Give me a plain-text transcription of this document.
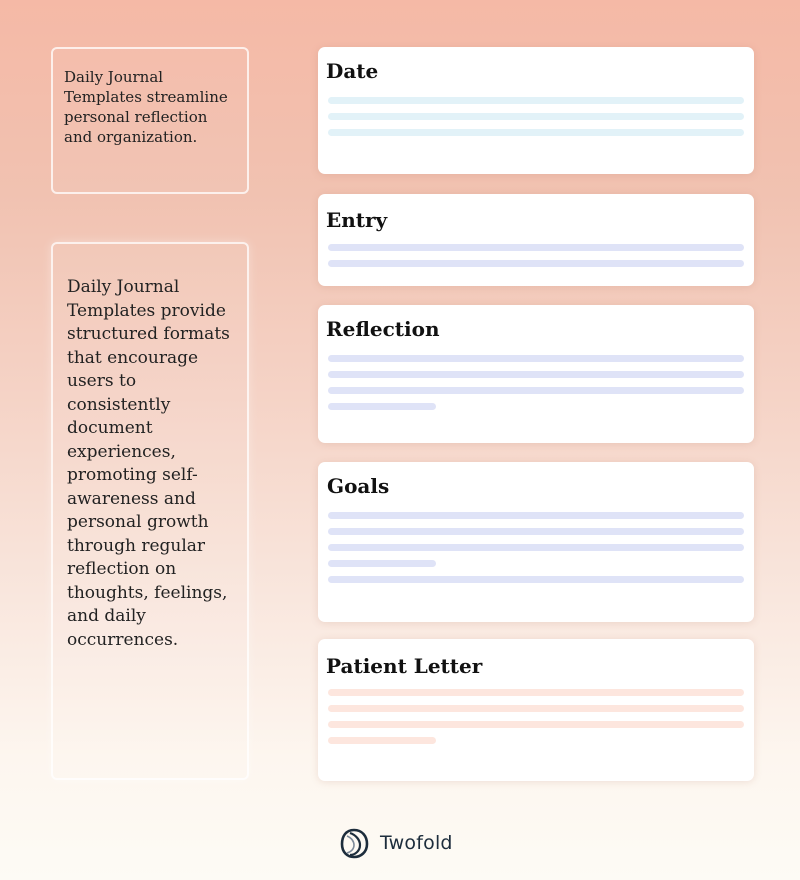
Daily Journal Templates streamline personal reflection and organization.

Daily Journal Templates provide structured formats that encourage users to consistently document experiences, promoting self-awareness and personal growth through regular reflection on thoughts, feelings, and daily occurrences.

Date
Entry
Reflection
Goals
Patient Letter
Twofold
